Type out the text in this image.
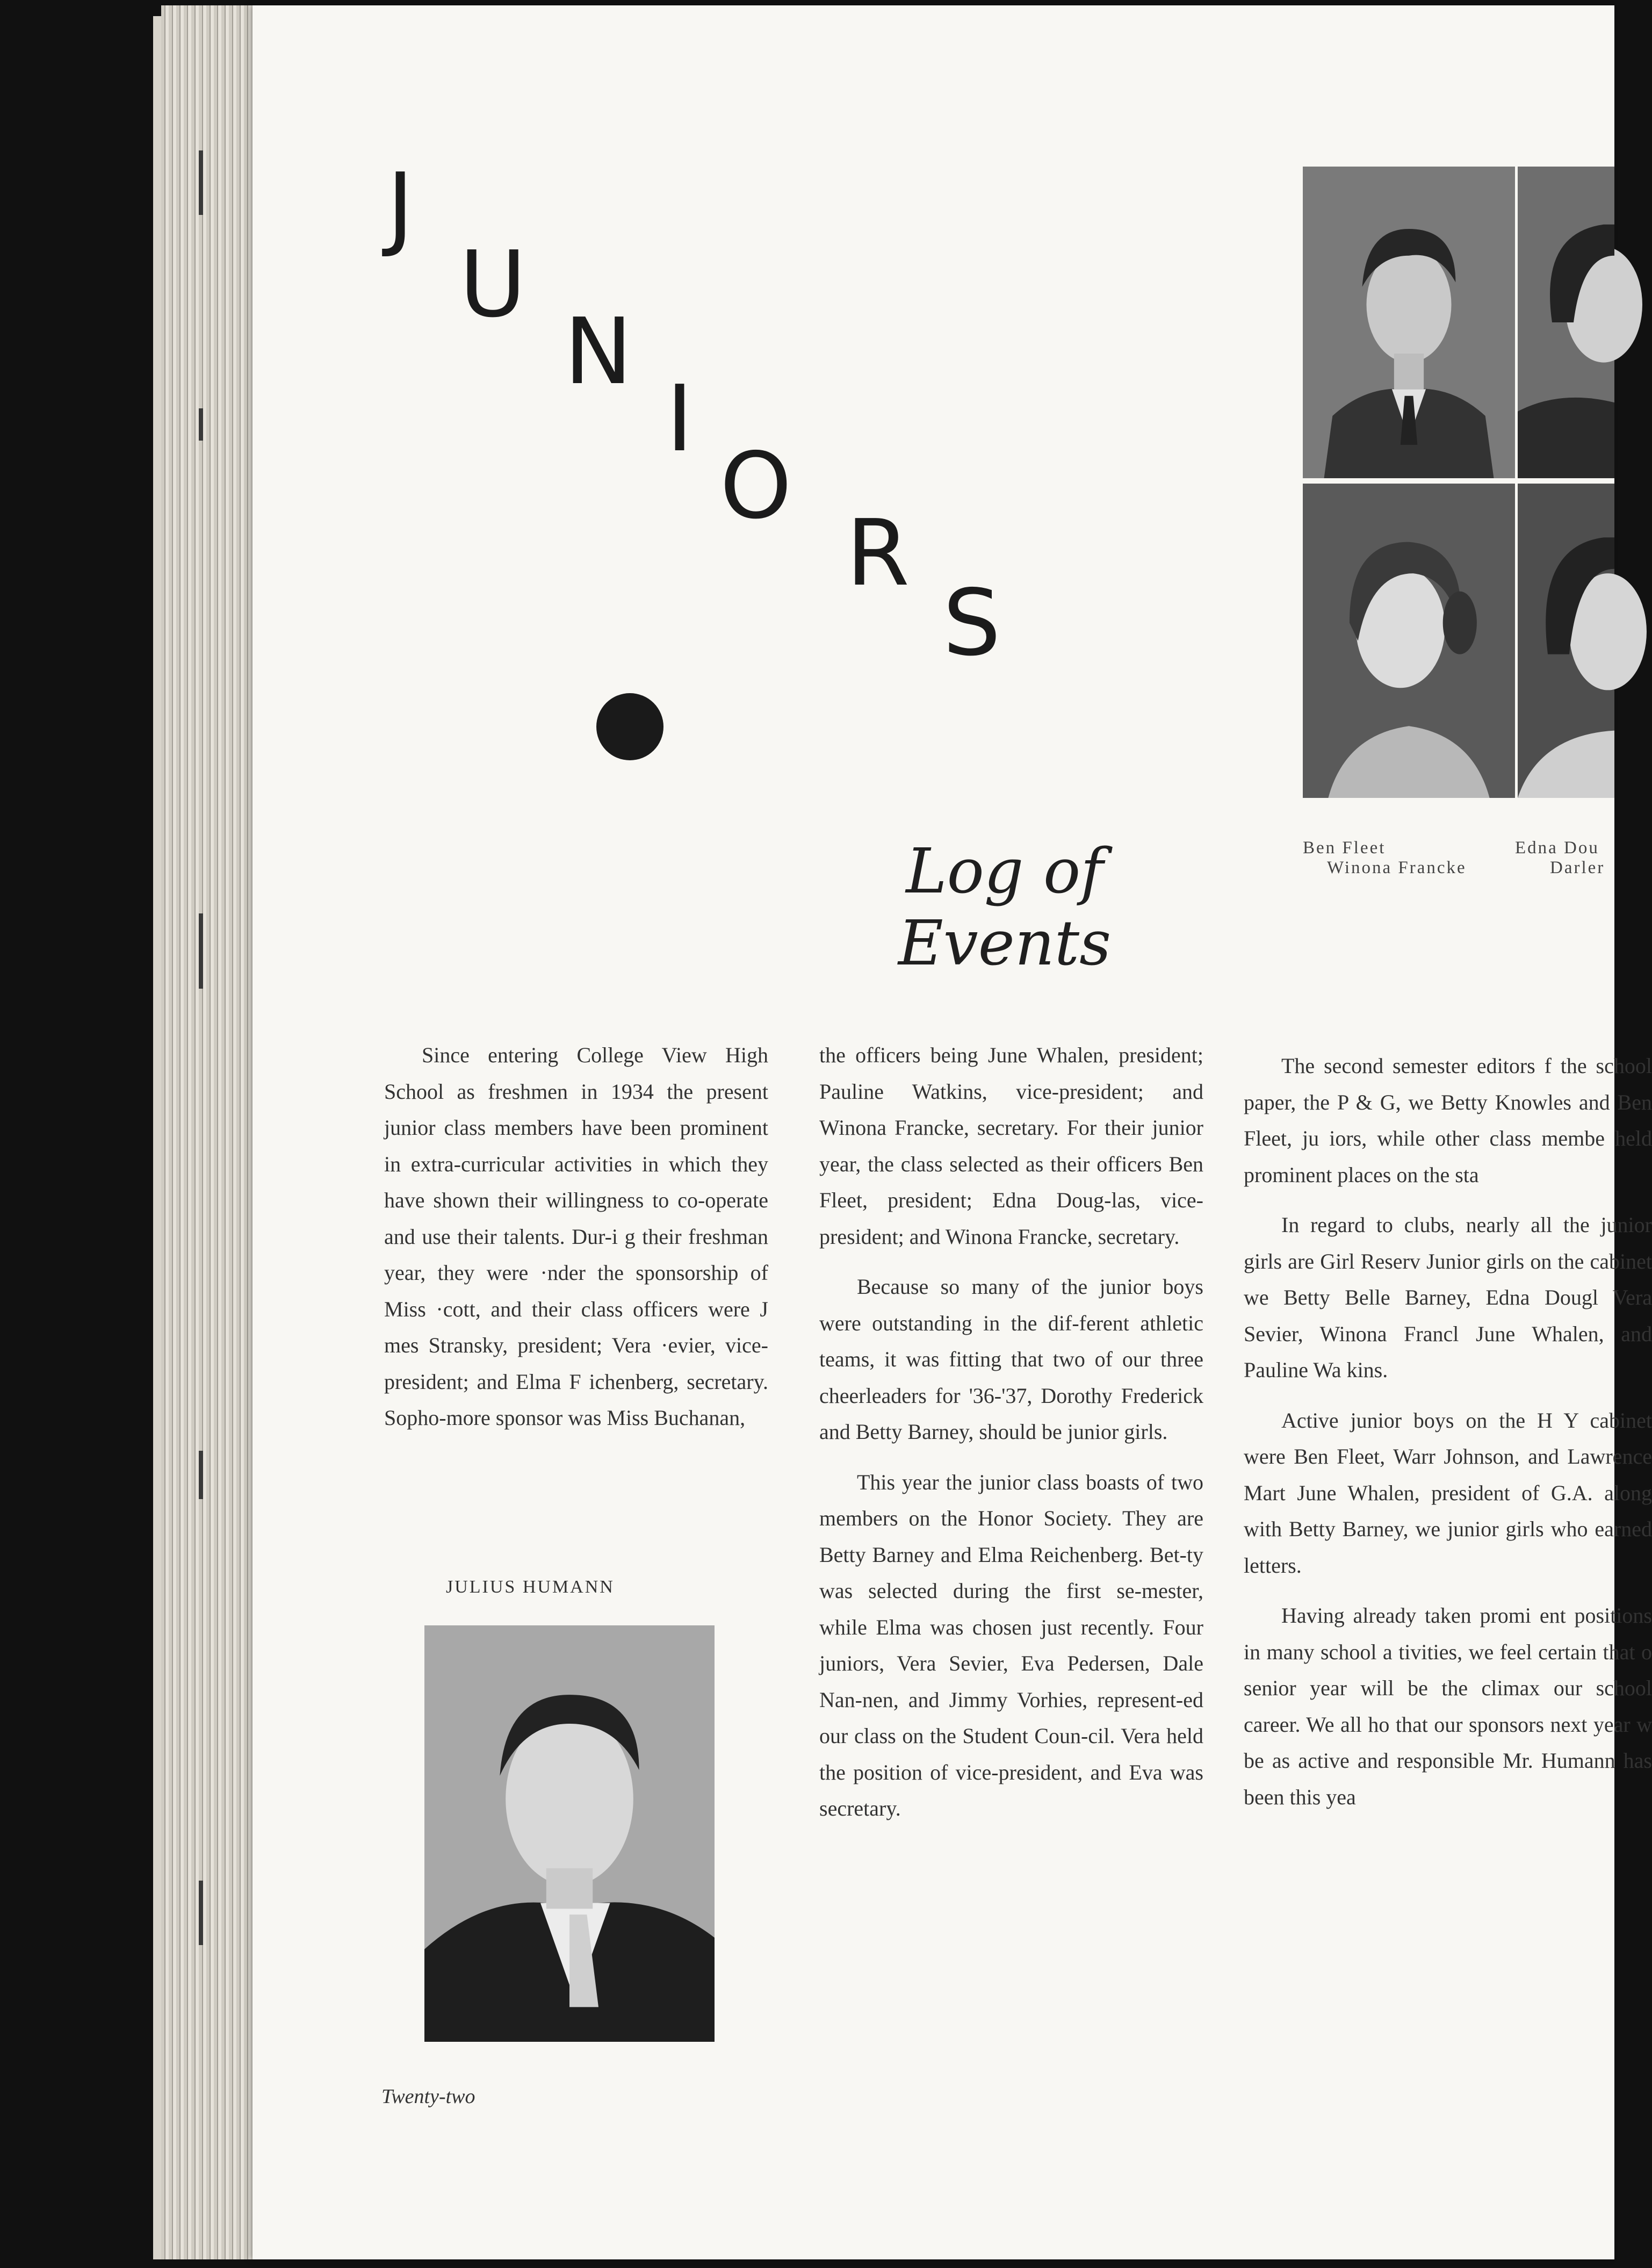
J
U
N
I
O
R
S
Ben Fleet
Winona Francke
Edna Dou
Darler
Log of Events

Since entering College View High School as freshmen in 1934 the present junior class members have been prominent in extra-curricular activities in which they have shown their willingness to co-operate and use their talents. Dur-i g their freshman year, they were ·nder the sponsorship of Miss ·cott, and their class officers were J mes Stransky, president; Vera ·evier, vice-president; and Elma F ichenberg, secretary. Sopho-more sponsor was Miss Buchanan,

the officers being June Whalen, president; Pauline Watkins, vice-president; and Winona Francke, secretary. For their junior year, the class selected as their officers Ben Fleet, president; Edna Doug-las, vice-president; and Winona Francke, secretary.

Because so many of the junior boys were outstanding in the dif-ferent athletic teams, it was fitting that two of our three cheerleaders for '36-'37, Dorothy Frederick and Betty Barney, should be junior girls.

This year the junior class boasts of two members on the Honor Society. They are Betty Barney and Elma Reichenberg. Bet-ty was selected during the first se-mester, while Elma was chosen just recently. Four juniors, Vera Sevier, Eva Pedersen, Dale Nan-nen, and Jimmy Vorhies, represent-ed our class on the Student Coun-cil. Vera held the position of vice-president, and Eva was secretary.

The second semester editors f the school paper, the P & G, we Betty Knowles and Ben Fleet, ju iors, while other class membe held prominent places on the sta

In regard to clubs, nearly all the junior girls are Girl Reserv Junior girls on the cabinet we Betty Belle Barney, Edna Dougl Vera Sevier, Winona Francl June Whalen, and Pauline Wa kins.

Active junior boys on the H Y cabinet were Ben Fleet, Warr Johnson, and Lawrence Mart June Whalen, president of G.A. along with Betty Barney, we junior girls who earned letters.

Having already taken promi ent positions in many school a tivities, we feel certain that o senior year will be the climax our school career. We all ho that our sponsors next year w be as active and responsible Mr. Humann has been this yea

JULIUS HUMANN
Twenty-two
